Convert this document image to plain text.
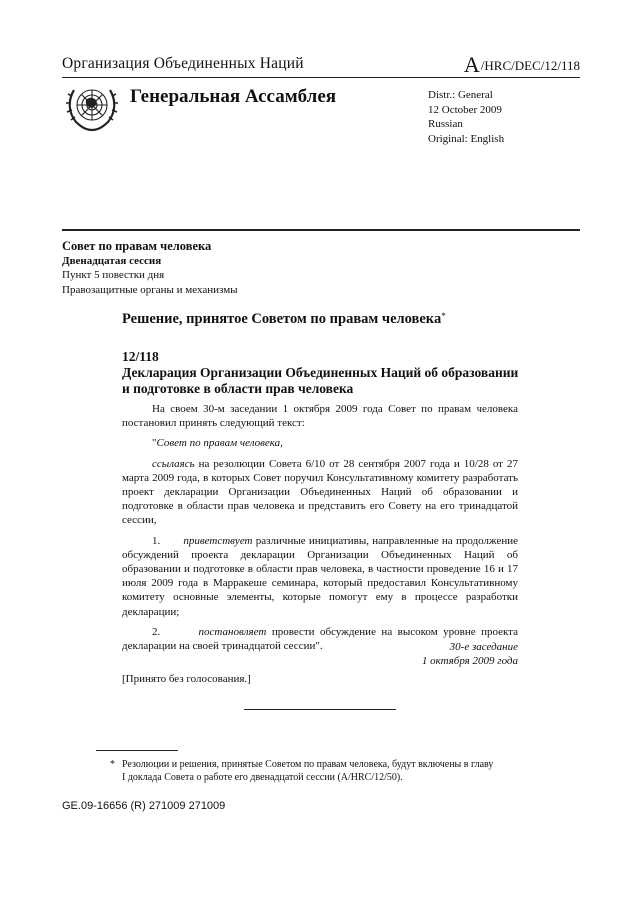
Организация Объединенных Наций	A/HRC/DEC/12/118
Генеральная Ассамблея	Distr.: General
12 October 2009
Russian
Original: English
Совет по правам человека
Двенадцатая сессия
Пункт 5 повестки дня
Правозащитные органы и механизмы
Решение, принятое Советом по правам человека*
12/118
Декларация Организации Объединенных Наций об образовании и подготовке в области прав человека

На своем 30-м заседании 1 октября 2009 года Совет по правам человека постановил принять следующий текст:

"Совет по правам человека,

ссылаясь на резолюции Совета 6/10 от 28 сентября 2007 года и 10/28 от 27 марта 2009 года, в которых Совет поручил Консультативному комитету разработать проект декларации Организации Объединенных Наций об образовании и подготовке в области прав человека и представить его Совету на его тринадцатой сессии,

1. приветствует различные инициативы, направленные на продолжение обсуждений проекта декларации Организации Объединенных Наций об образовании и подготовке в области прав человека, в частности проведение 16 и 17 июля 2009 года в Марракеше семинара, который предоставил Консультативному комитету основные элементы, которые помогут ему в процессе разработки декларации;

2.	постановляет провести обсуждение на высоком уровне проекта декларации на своей тринадцатой сессии".	30-е заседание
1 октября 2009 года
[Принято без голосования.]
* Резолюции и решения, принятые Советом по правам человека, будут включены в главу I доклада Совета о работе его двенадцатой сессии (A/HRC/12/50).
GE.09-16656 (R) 271009 271009
